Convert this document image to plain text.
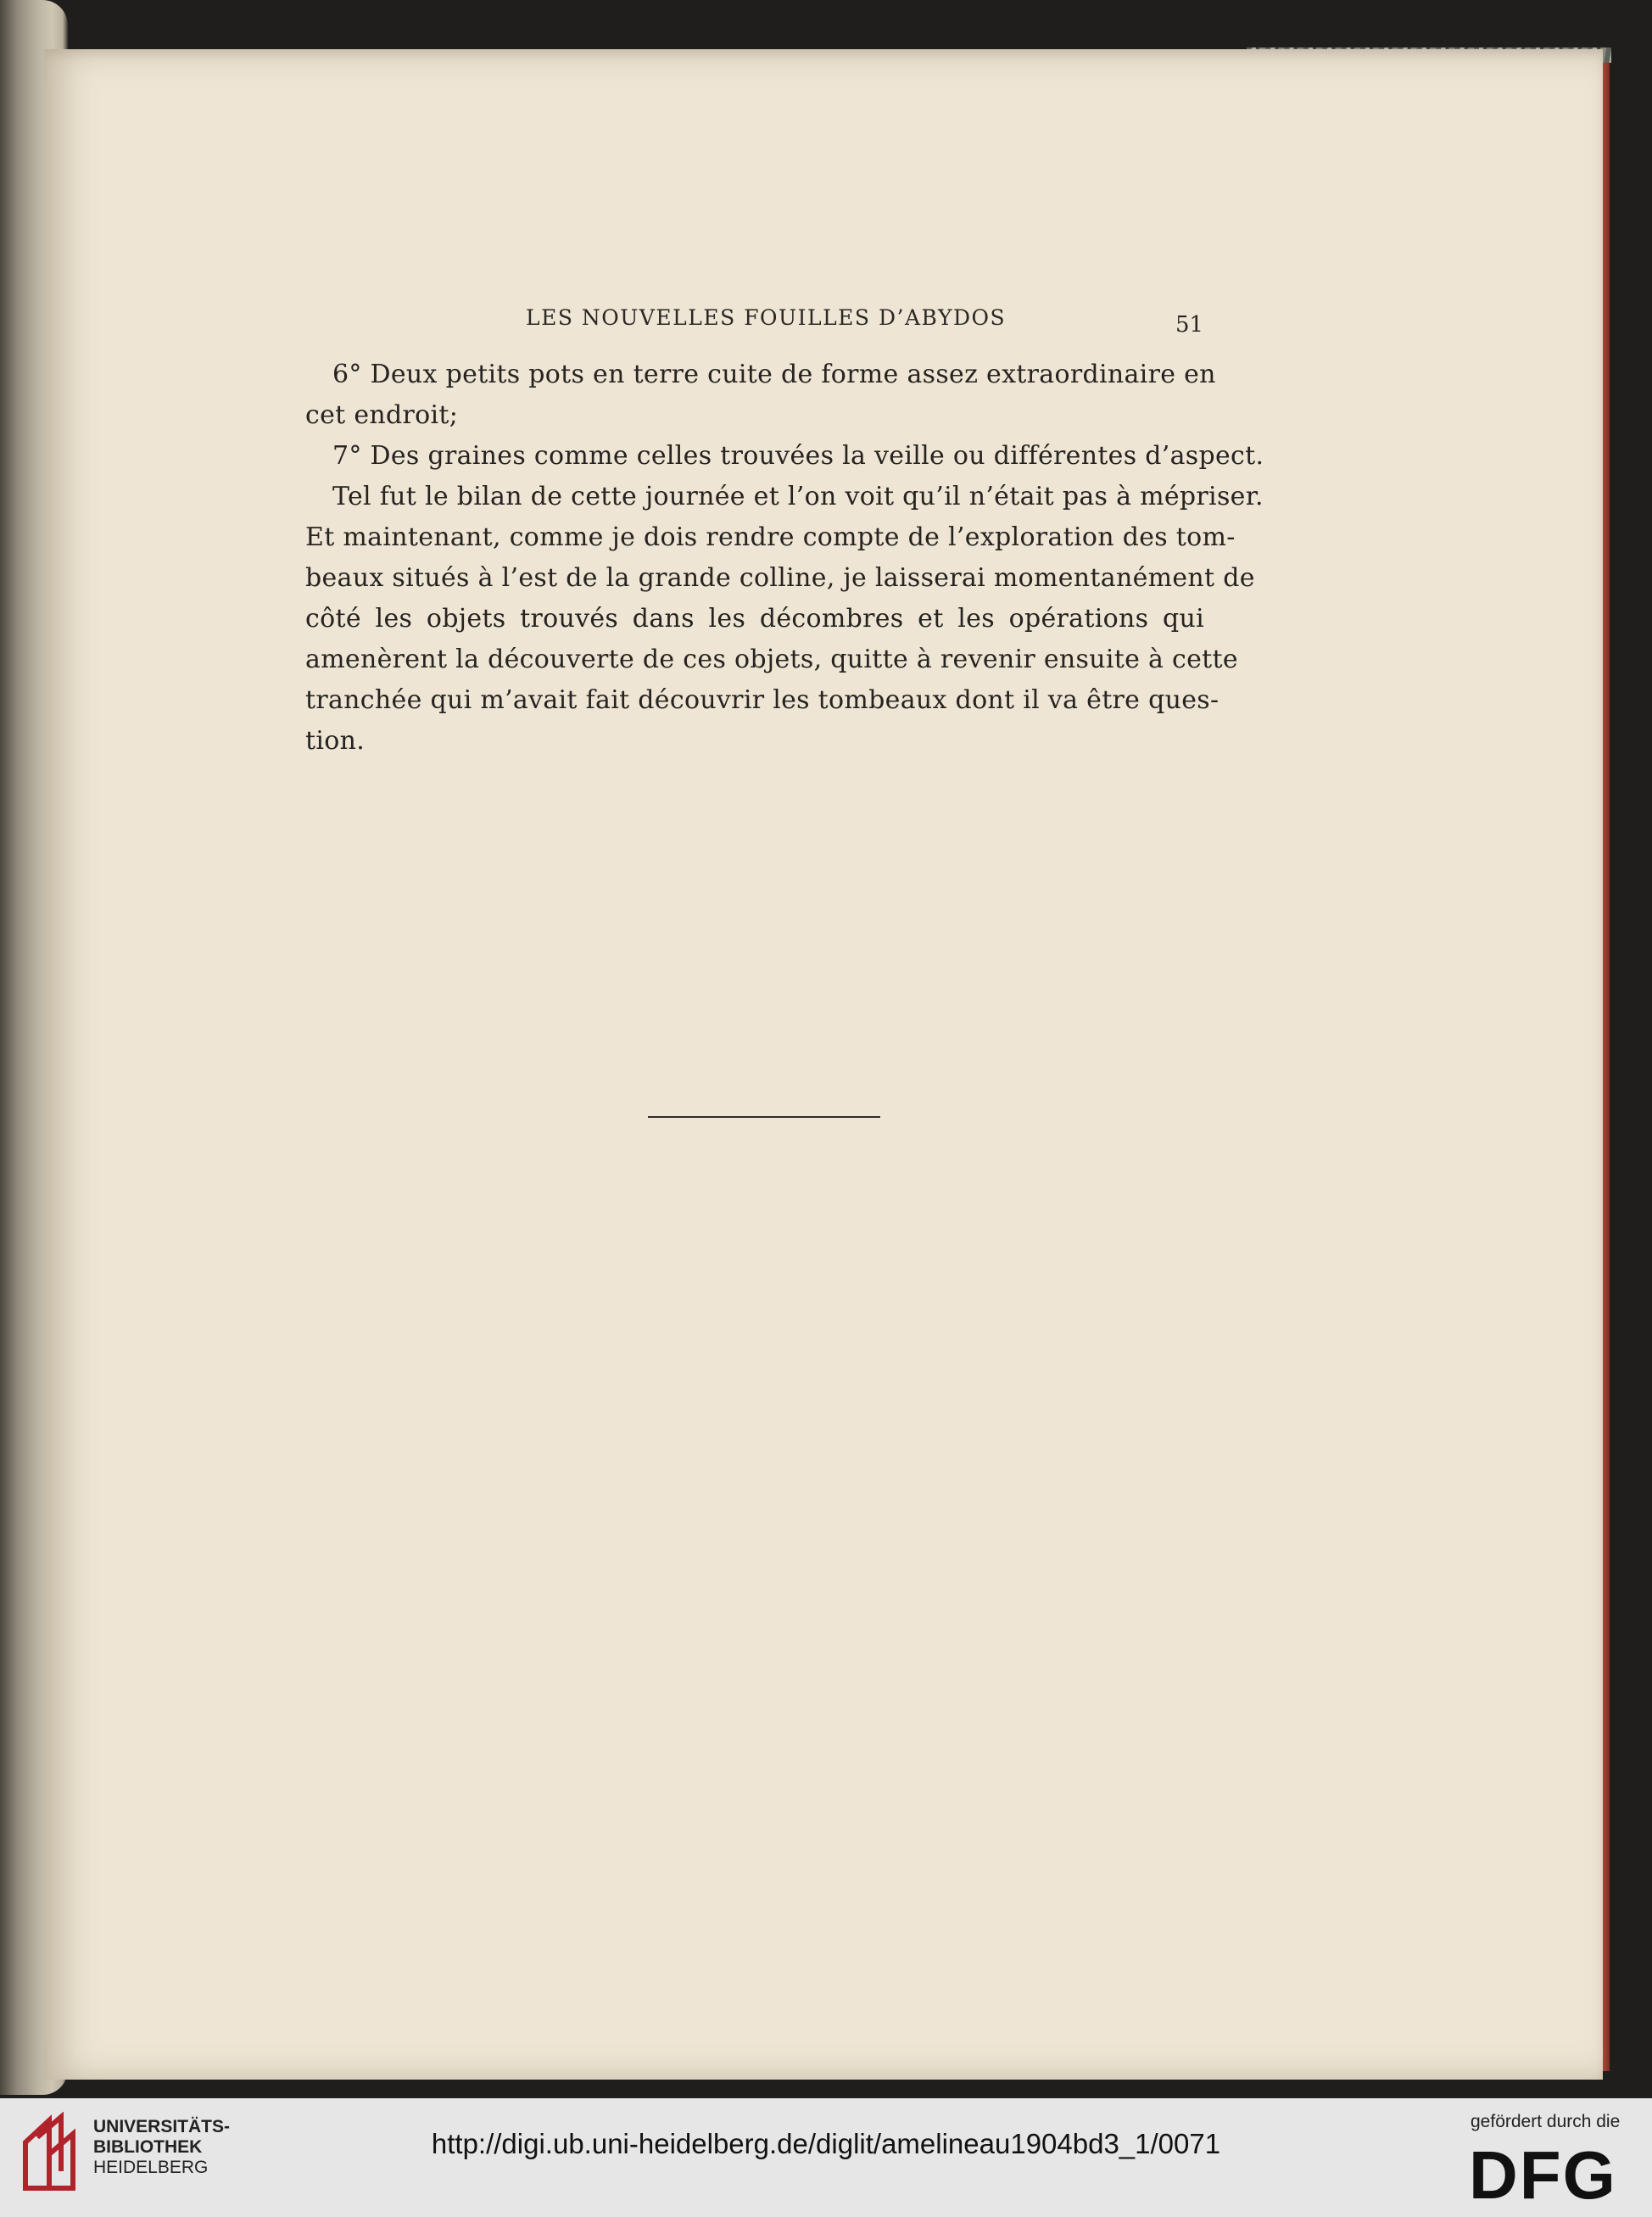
LES NOUVELLES FOUILLES D’ABYDOS	51
6° Deux petits pots en terre cuite de forme assez extraordinaire en
cet endroit;
7° Des graines comme celles trouvées la veille ou différentes d’aspect.
Tel fut le bilan de cette journée et l’on voit qu’il n’était pas à mépriser.
Et maintenant, comme je dois rendre compte de l’exploration des tom-
beaux situés à l’est de la grande colline, je laisserai momentanément de
côté les objets trouvés dans les décombres et les opérations qui
amenèrent la découverte de ces objets, quitte à revenir ensuite à cette
tranchée qui m’avait fait découvrir les tombeaux dont il va être ques-
tion.
UNIVERSITÄTS-
BIBLIOTHEK
HEIDELBERG
http://digi.ub.uni-heidelberg.de/diglit/amelineau1904bd3_1/0071
gefördert durch die
DFG
